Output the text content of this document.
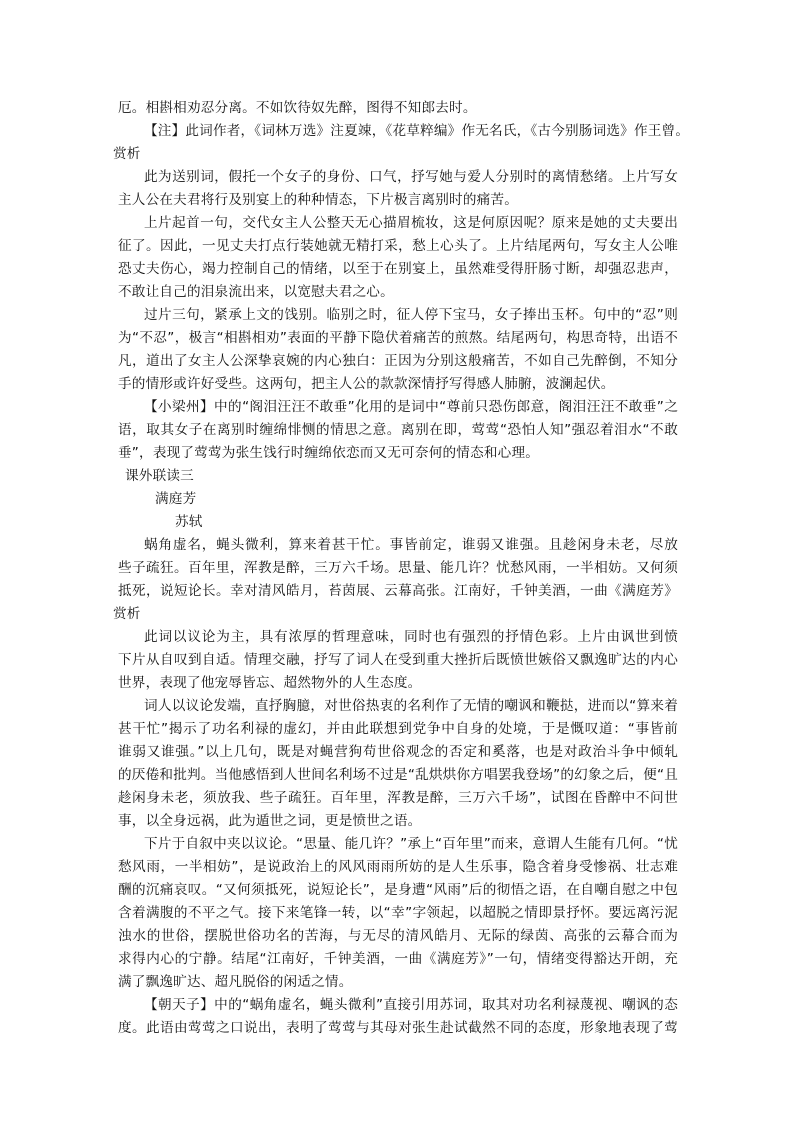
厄。相斟相劝忍分离。不如饮待奴先醉，图得不知郎去时。
【注】此词作者，《词林万选》注夏竦，《花草粹编》作无名氏，《古今别肠词选》作王曾。
赏析
此为送别词，假托一个女子的身份、口气，抒写她与爱人分别时的离情愁绪。上片写女
主人公在夫君将行及别宴上的种种情态，下片极言离别时的痛苦。
上片起首一句，交代女主人公整天无心描眉梳妆，这是何原因呢？原来是她的丈夫要出
征了。因此，一见丈夫打点行装她就无精打采，愁上心头了。上片结尾两句，写女主人公唯
恐丈夫伤心，竭力控制自己的情绪，以至于在别宴上，虽然难受得肝肠寸断，却强忍悲声，
不敢让自己的泪泉流出来，以宽慰夫君之心。
过片三句，紧承上文的饯别。临别之时，征人停下宝马，女子捧出玉杯。句中的“忍”则
为“不忍”，极言“相斟相劝”表面的平静下隐伏着痛苦的煎熬。结尾两句，构思奇特，出语不
凡，道出了女主人公深挚哀婉的内心独白：正因为分别这般痛苦，不如自己先醉倒，不知分
手的情形或许好受些。这两句，把主人公的款款深情抒写得感人肺腑，波澜起伏。
【小梁州】中的“阁泪汪汪不敢垂”化用的是词中“尊前只恐伤郎意，阁泪汪汪不敢垂”之
语，取其女子在离别时缠绵悱恻的情思之意。离别在即，莺莺“恐怕人知”强忍着泪水“不敢
垂”，表现了莺莺为张生饯行时缠绵依恋而又无可奈何的情态和心理。
课外联读三
满庭芳
苏轼
蜗角虚名，蝇头微利，算来着甚干忙。事皆前定，谁弱又谁强。且趁闲身未老，尽放
些子疏狂。百年里，浑教是醉，三万六千场。思量、能几许？忧愁风雨，一半相妨。又何须
抵死，说短论长。幸对清风皓月，苔茵展、云幕高张。江南好，千钟美酒，一曲《满庭芳》
赏析
此词以议论为主，具有浓厚的哲理意味，同时也有强烈的抒情色彩。上片由讽世到愤
下片从自叹到自适。情理交融，抒写了词人在受到重大挫折后既愤世嫉俗又飘逸旷达的内心
世界，表现了他宠辱皆忘、超然物外的人生态度。
词人以议论发端，直抒胸臆，对世俗热衷的名利作了无情的嘲讽和鞭挞，进而以“算来着
甚干忙”揭示了功名利禄的虚幻，并由此联想到党争中自身的处境，于是慨叹道：“事皆前
谁弱又谁强。”以上几句，既是对蝇营狗苟世俗观念的否定和奚落，也是对政治斗争中倾轧
的厌倦和批判。当他感悟到人世间名利场不过是“乱烘烘你方唱罢我登场”的幻象之后，便“且
趁闲身未老，须放我、些子疏狂。百年里，浑教是醉，三万六千场”，试图在昏醉中不问世
事，以全身远祸，此为遁世之词，更是愤世之语。
下片于自叙中夹以议论。“思量、能几许？”承上“百年里”而来，意谓人生能有几何。“忧
愁风雨，一半相妨”，是说政治上的风风雨雨所妨的是人生乐事，隐含着身受惨祸、壮志难
酬的沉痛哀叹。“又何须抵死，说短论长”，是身遭“风雨”后的彻悟之语，在自嘲自慰之中包
含着满腹的不平之气。接下来笔锋一转，以“幸”字领起，以超脱之情即景抒怀。要远离污泥
浊水的世俗，摆脱世俗功名的苦海，与无尽的清风皓月、无际的绿茵、高张的云幕合而为
求得内心的宁静。结尾“江南好，千钟美酒，一曲《满庭芳》”一句，情绪变得豁达开朗，充
满了飘逸旷达、超凡脱俗的闲适之情。
【朝天子】中的“蜗角虚名，蝇头微利”直接引用苏词，取其对功名利禄蔑视、嘲讽的态
度。此语由莺莺之口说出，表明了莺莺与其母对张生赴试截然不同的态度，形象地表现了莺
